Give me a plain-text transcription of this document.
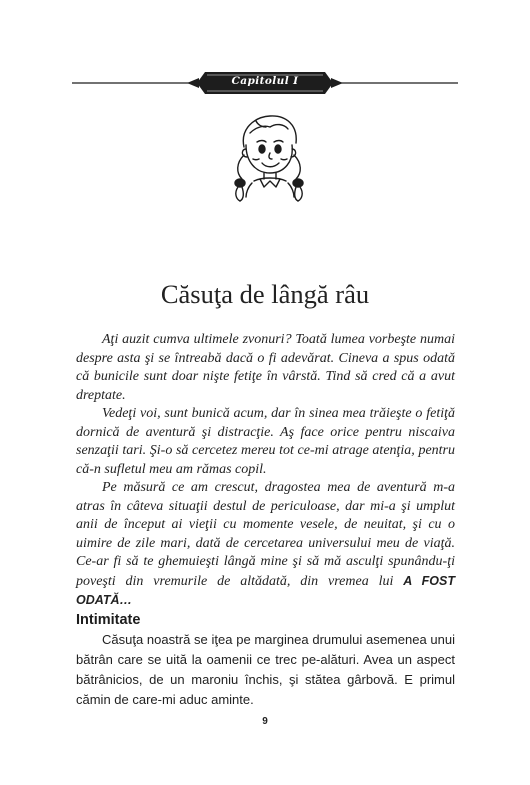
Capitolul I
Căsuţa de lângă râu

Aţi auzit cumva ultimele zvonuri? Toată lumea vorbeşte numai despre asta şi se întreabă dacă o fi adevărat. Cineva a spus odată că bunicile sunt doar nişte fetiţe în vârstă. Tind să cred că a avut dreptate.

Vedeţi voi, sunt bunică acum, dar în sinea mea trăieşte o fetiţă dornică de aventură şi distracţie. Aş face orice pentru niscaiva senzaţii tari. Şi-o să cercetez mereu tot ce-mi atrage atenţia, pentru că-n sufletul meu am rămas copil.

Pe măsură ce am crescut, dragostea mea de aventură m-a atras în câteva situaţii destul de periculoase, dar mi-a şi umplut anii de început ai vieţii cu momente vesele, de neuitat, şi cu o uimire de zile mari, dată de cercetarea universului meu de viaţă. Ce-ar fi să te ghemuieşti lângă mine şi să mă asculţi spunându-ţi poveşti din vremurile de altădată, din vremea lui A FOST ODATĂ…

Intimitate

Căsuţa noastră se iţea pe marginea drumului asemenea unui bătrân care se uită la oamenii ce trec pe-alături. Avea un aspect bătrânicios, de un maroniu închis, şi stătea gârbovă. E primul cămin de care-mi aduc aminte.

9
